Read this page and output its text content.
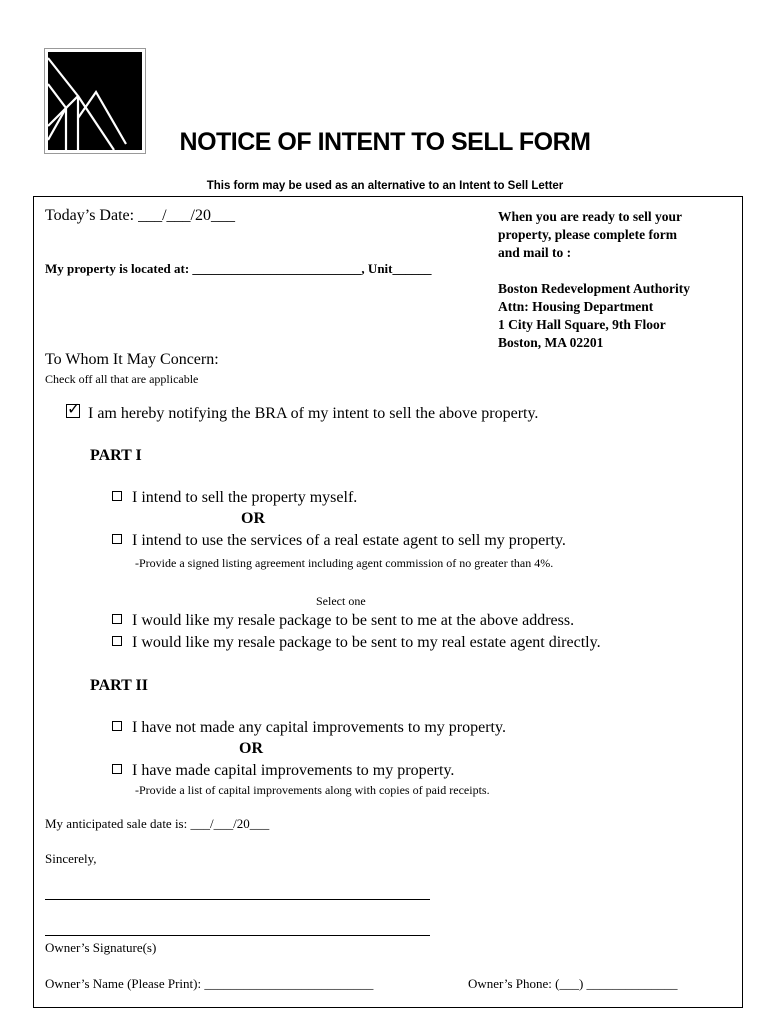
NOTICE OF INTENT TO SELL FORM
This form may be used as an alternative to an Intent to Sell Letter
Today’s Date: ___/___/20___
My property is located at: __________________________, Unit______
When you are ready to sell your
property, please complete form
and mail to :
Boston Redevelopment Authority
Attn: Housing Department
1 City Hall Square, 9th Floor
Boston, MA 02201
To Whom It May Concern:
Check off all that are applicable
✓ I am hereby notifying the BRA of my intent to sell the above property.
PART I
I intend to sell the property myself.
OR
I intend to use the services of a real estate agent to sell my property.
-Provide a signed listing agreement including agent commission of no greater than 4%.
Select one
I would like my resale package to be sent to me at the above address.
I would like my resale package to be sent to my real estate agent directly.
PART II
I have not made any capital improvements to my property.
OR
I have made capital improvements to my property.
-Provide a list of capital improvements along with copies of paid receipts.
My anticipated sale date is: ___/___/20___
Sincerely,
Owner’s Signature(s)
Owner’s Name (Please Print): __________________________	Owner’s Phone: (___) ______________
